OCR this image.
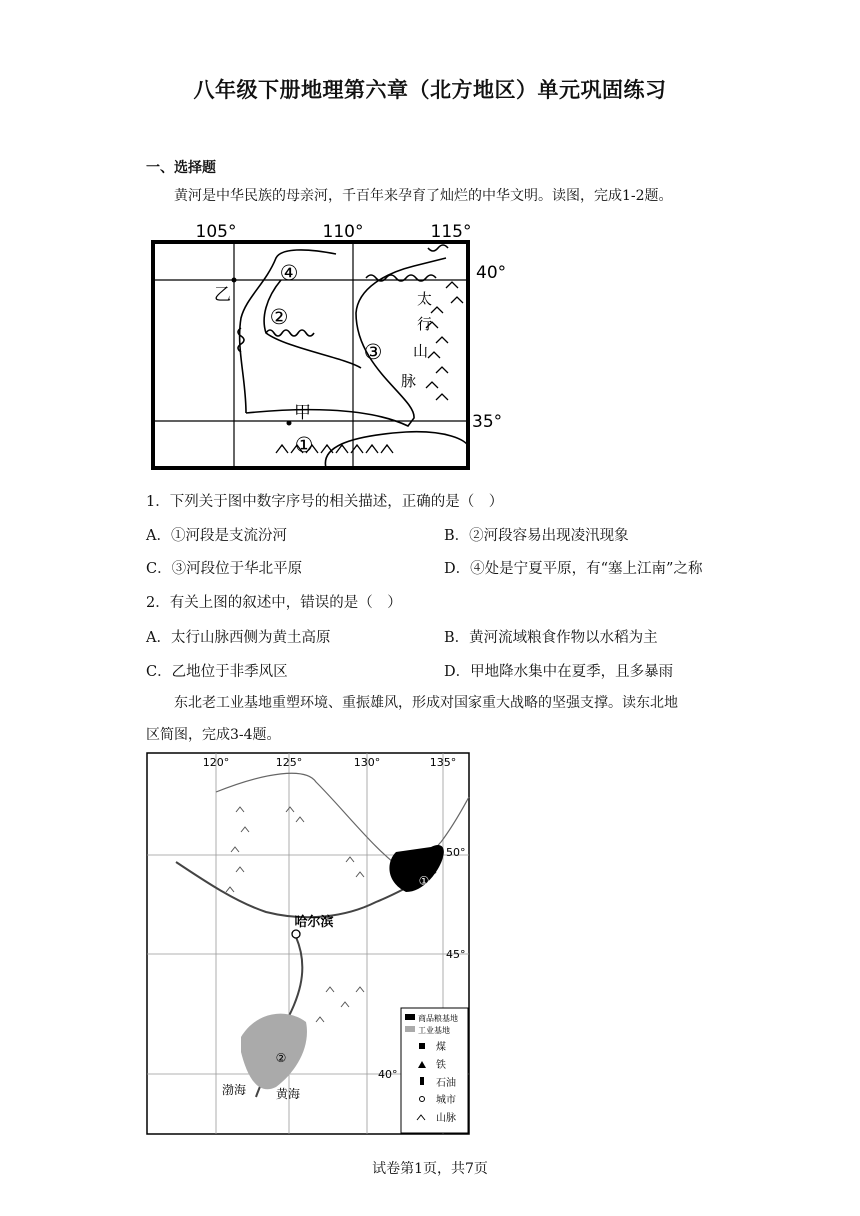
八年级下册地理第六章（北方地区）单元巩固练习
一、选择题
黄河是中华民族的母亲河，千百年来孕育了灿烂的中华文明。读图，完成1-2题。
105°	110°	115°
40°
35°
乙
甲
④
②
③
①
太
行
山
脉
1．下列关于图中数字序号的相关描述，正确的是（　）
A．①河段是支流汾河	B．②河段容易出现凌汛现象
C．③河段位于华北平原	D．④处是宁夏平原，有“塞上江南”之称
2．有关上图的叙述中，错误的是（　）
A．太行山脉西侧为黄土高原	B．黄河流域粮食作物以水稻为主
C．乙地位于非季风区	D．甲地降水集中在夏季，且多暴雨
东北老工业基地重塑环境、重振雄风，形成对国家重大战略的坚强支撑。读东北地
区简图，完成3-4题。
120°	125°	130°	135°
50°
45°
40°
①
②
哈尔滨
渤海 黄海
商品粮基地
工业基地
煤
铁
石油
城市
山脉
试卷第1页，共7页
